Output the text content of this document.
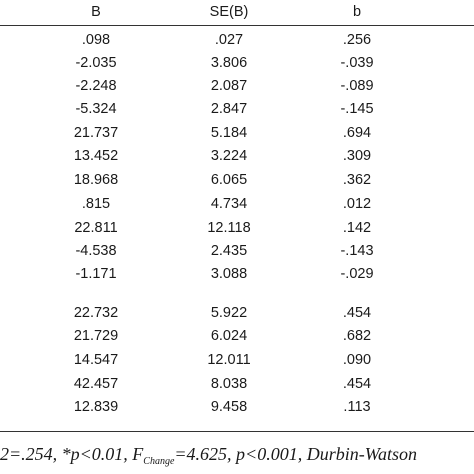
B	SE(B)	b
.098	.027	.256
-2.035	3.806	-.039
-2.248	2.087	-.089
-5.324	2.847	-.145
21.737	5.184	.694
13.452	3.224	.309
18.968	6.065	.362
.815	4.734	.012
22.811	12.118	.142
-4.538	2.435	-.143
-1.171	3.088	-.029
22.732	5.922	.454
21.729	6.024	.682
14.547	12.011	.090
42.457	8.038	.454
12.839	9.458	.113
2=.254, *p<0.01, $F_{Change}=4.625$, p<0.001, Durbin-Watson
